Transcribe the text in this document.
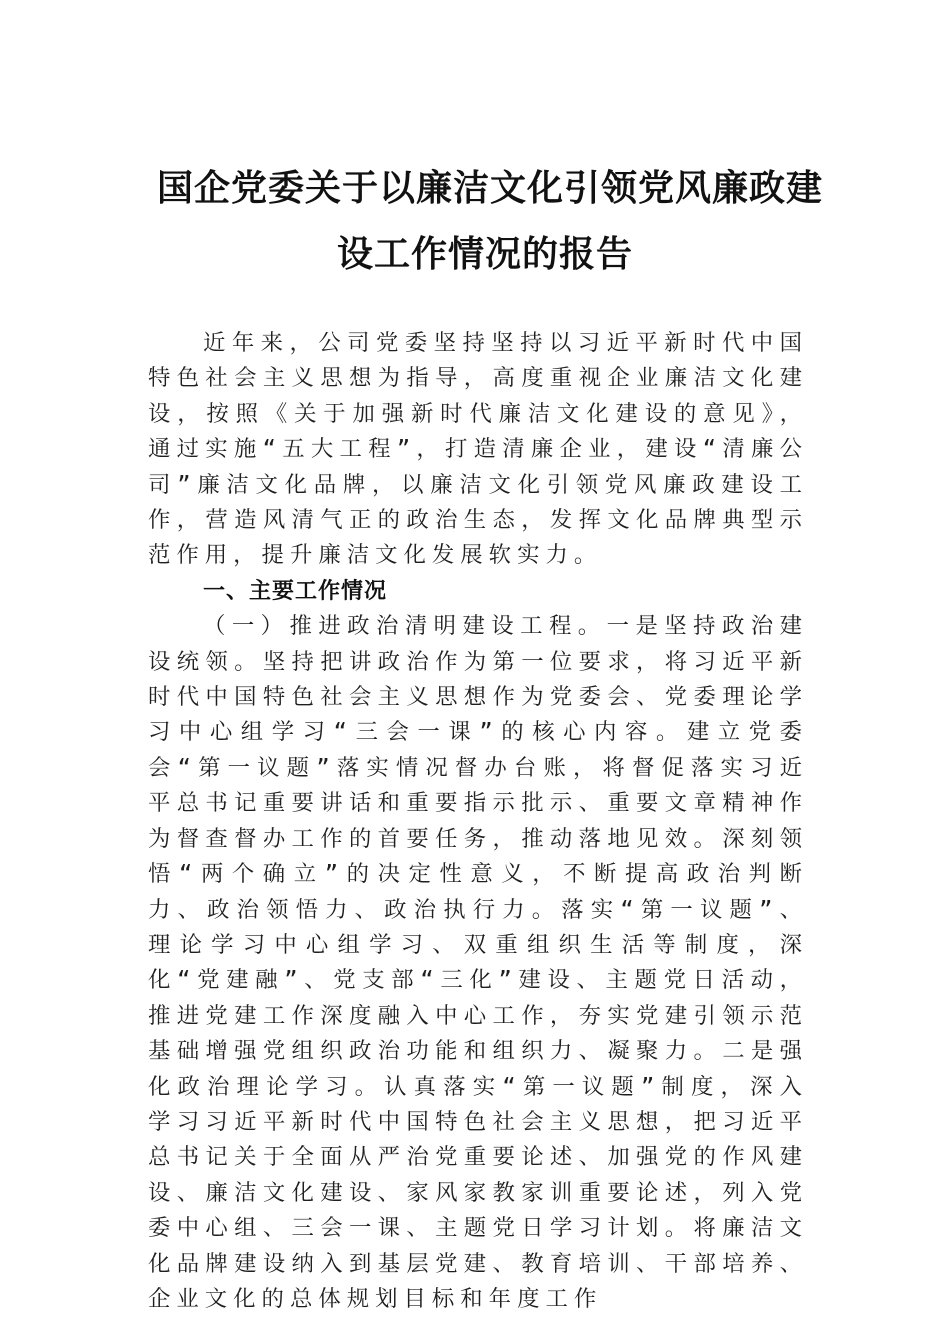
国企党委关于以廉洁文化引领党风廉政建
设工作情况的报告

近年来，公司党委坚持坚持以习近平新时代中国特色社会主义思想为指导，高度重视企业廉洁文化建设，按照《关于加强新时代廉洁文化建设的意见》，通过实施“五大工程”，打造清廉企业，建设“清廉公司”廉洁文化品牌，以廉洁文化引领党风廉政建设工作，营造风清气正的政治生态，发挥文化品牌典型示范作用，提升廉洁文化发展软实力。

一、主要工作情况

（一）推进政治清明建设工程。一是坚持政治建设统领。坚持把讲政治作为第一位要求，将习近平新时代中国特色社会主义思想作为党委会、党委理论学习中心组学习“三会一课”的核心内容。建立党委会“第一议题”落实情况督办台账，将督促落实习近平总书记重要讲话和重要指示批示、重要文章精神作为督查督办工作的首要任务，推动落地见效。深刻领悟“两个确立”的决定性意义，不断提高政治判断力、政治领悟力、政治执行力。落实“第一议题”、理论学习中心组学习、双重组织生活等制度，深化“党建融”、党支部“三化”建设、主题党日活动，推进党建工作深度融入中心工作，夯实党建引领示范基础增强党组织政治功能和组织力、凝聚力。二是强化政治理论学习。认真落实“第一议题”制度，深入学习习近平新时代中国特色社会主义思想，把习近平总书记关于全面从严治党重要论述、加强党的作风建设、廉洁文化建设、家风家教家训重要论述，列入党委中心组、三会一课、主题党日学习计划。将廉洁文化品牌建设纳入到基层党建、教育培训、干部培养、企业文化的总体规划目标和年度工作
